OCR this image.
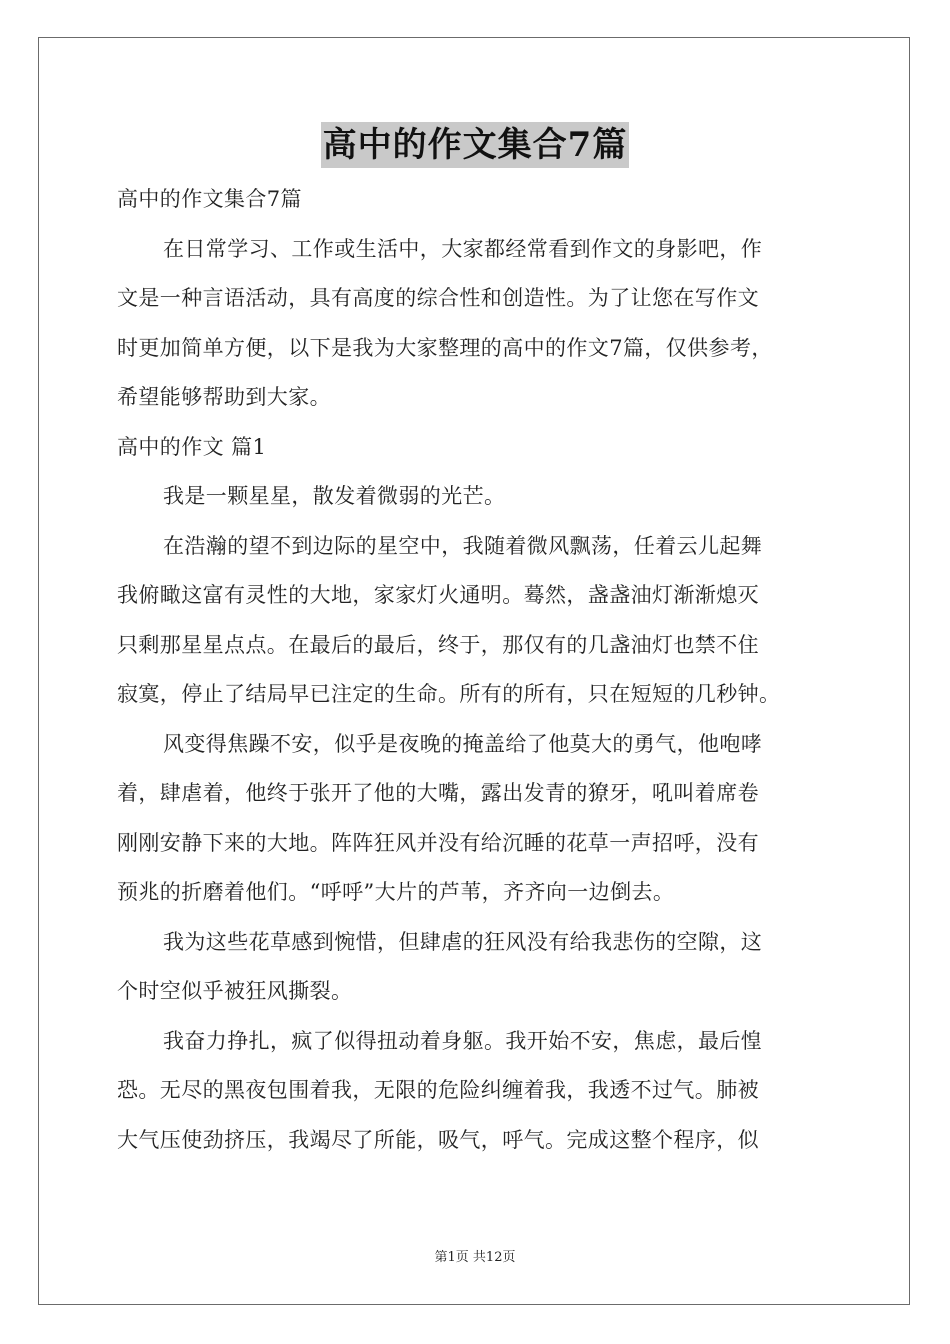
高中的作文集合7篇
高中的作文集合7篇
在日常学习、工作或生活中，大家都经常看到作文的身影吧，作
文是一种言语活动，具有高度的综合性和创造性。为了让您在写作文
时更加简单方便，以下是我为大家整理的高中的作文7篇，仅供参考，
希望能够帮助到大家。
高中的作文 篇1
我是一颗星星，散发着微弱的光芒。
在浩瀚的望不到边际的星空中，我随着微风飘荡，任着云儿起舞
我俯瞰这富有灵性的大地，家家灯火通明。蓦然，盏盏油灯渐渐熄灭
只剩那星星点点。在最后的最后，终于，那仅有的几盏油灯也禁不住
寂寞，停止了结局早已注定的生命。所有的所有，只在短短的几秒钟。
风变得焦躁不安，似乎是夜晚的掩盖给了他莫大的勇气，他咆哮
着，肆虐着，他终于张开了他的大嘴，露出发青的獠牙，吼叫着席卷
刚刚安静下来的大地。阵阵狂风并没有给沉睡的花草一声招呼，没有
预兆的折磨着他们。“呼呼”大片的芦苇，齐齐向一边倒去。
我为这些花草感到惋惜，但肆虐的狂风没有给我悲伤的空隙，这
个时空似乎被狂风撕裂。
我奋力挣扎，疯了似得扭动着身躯。我开始不安，焦虑，最后惶
恐。无尽的黑夜包围着我，无限的危险纠缠着我，我透不过气。肺被
大气压使劲挤压，我竭尽了所能，吸气，呼气。完成这整个程序，似
第1页 共12页
